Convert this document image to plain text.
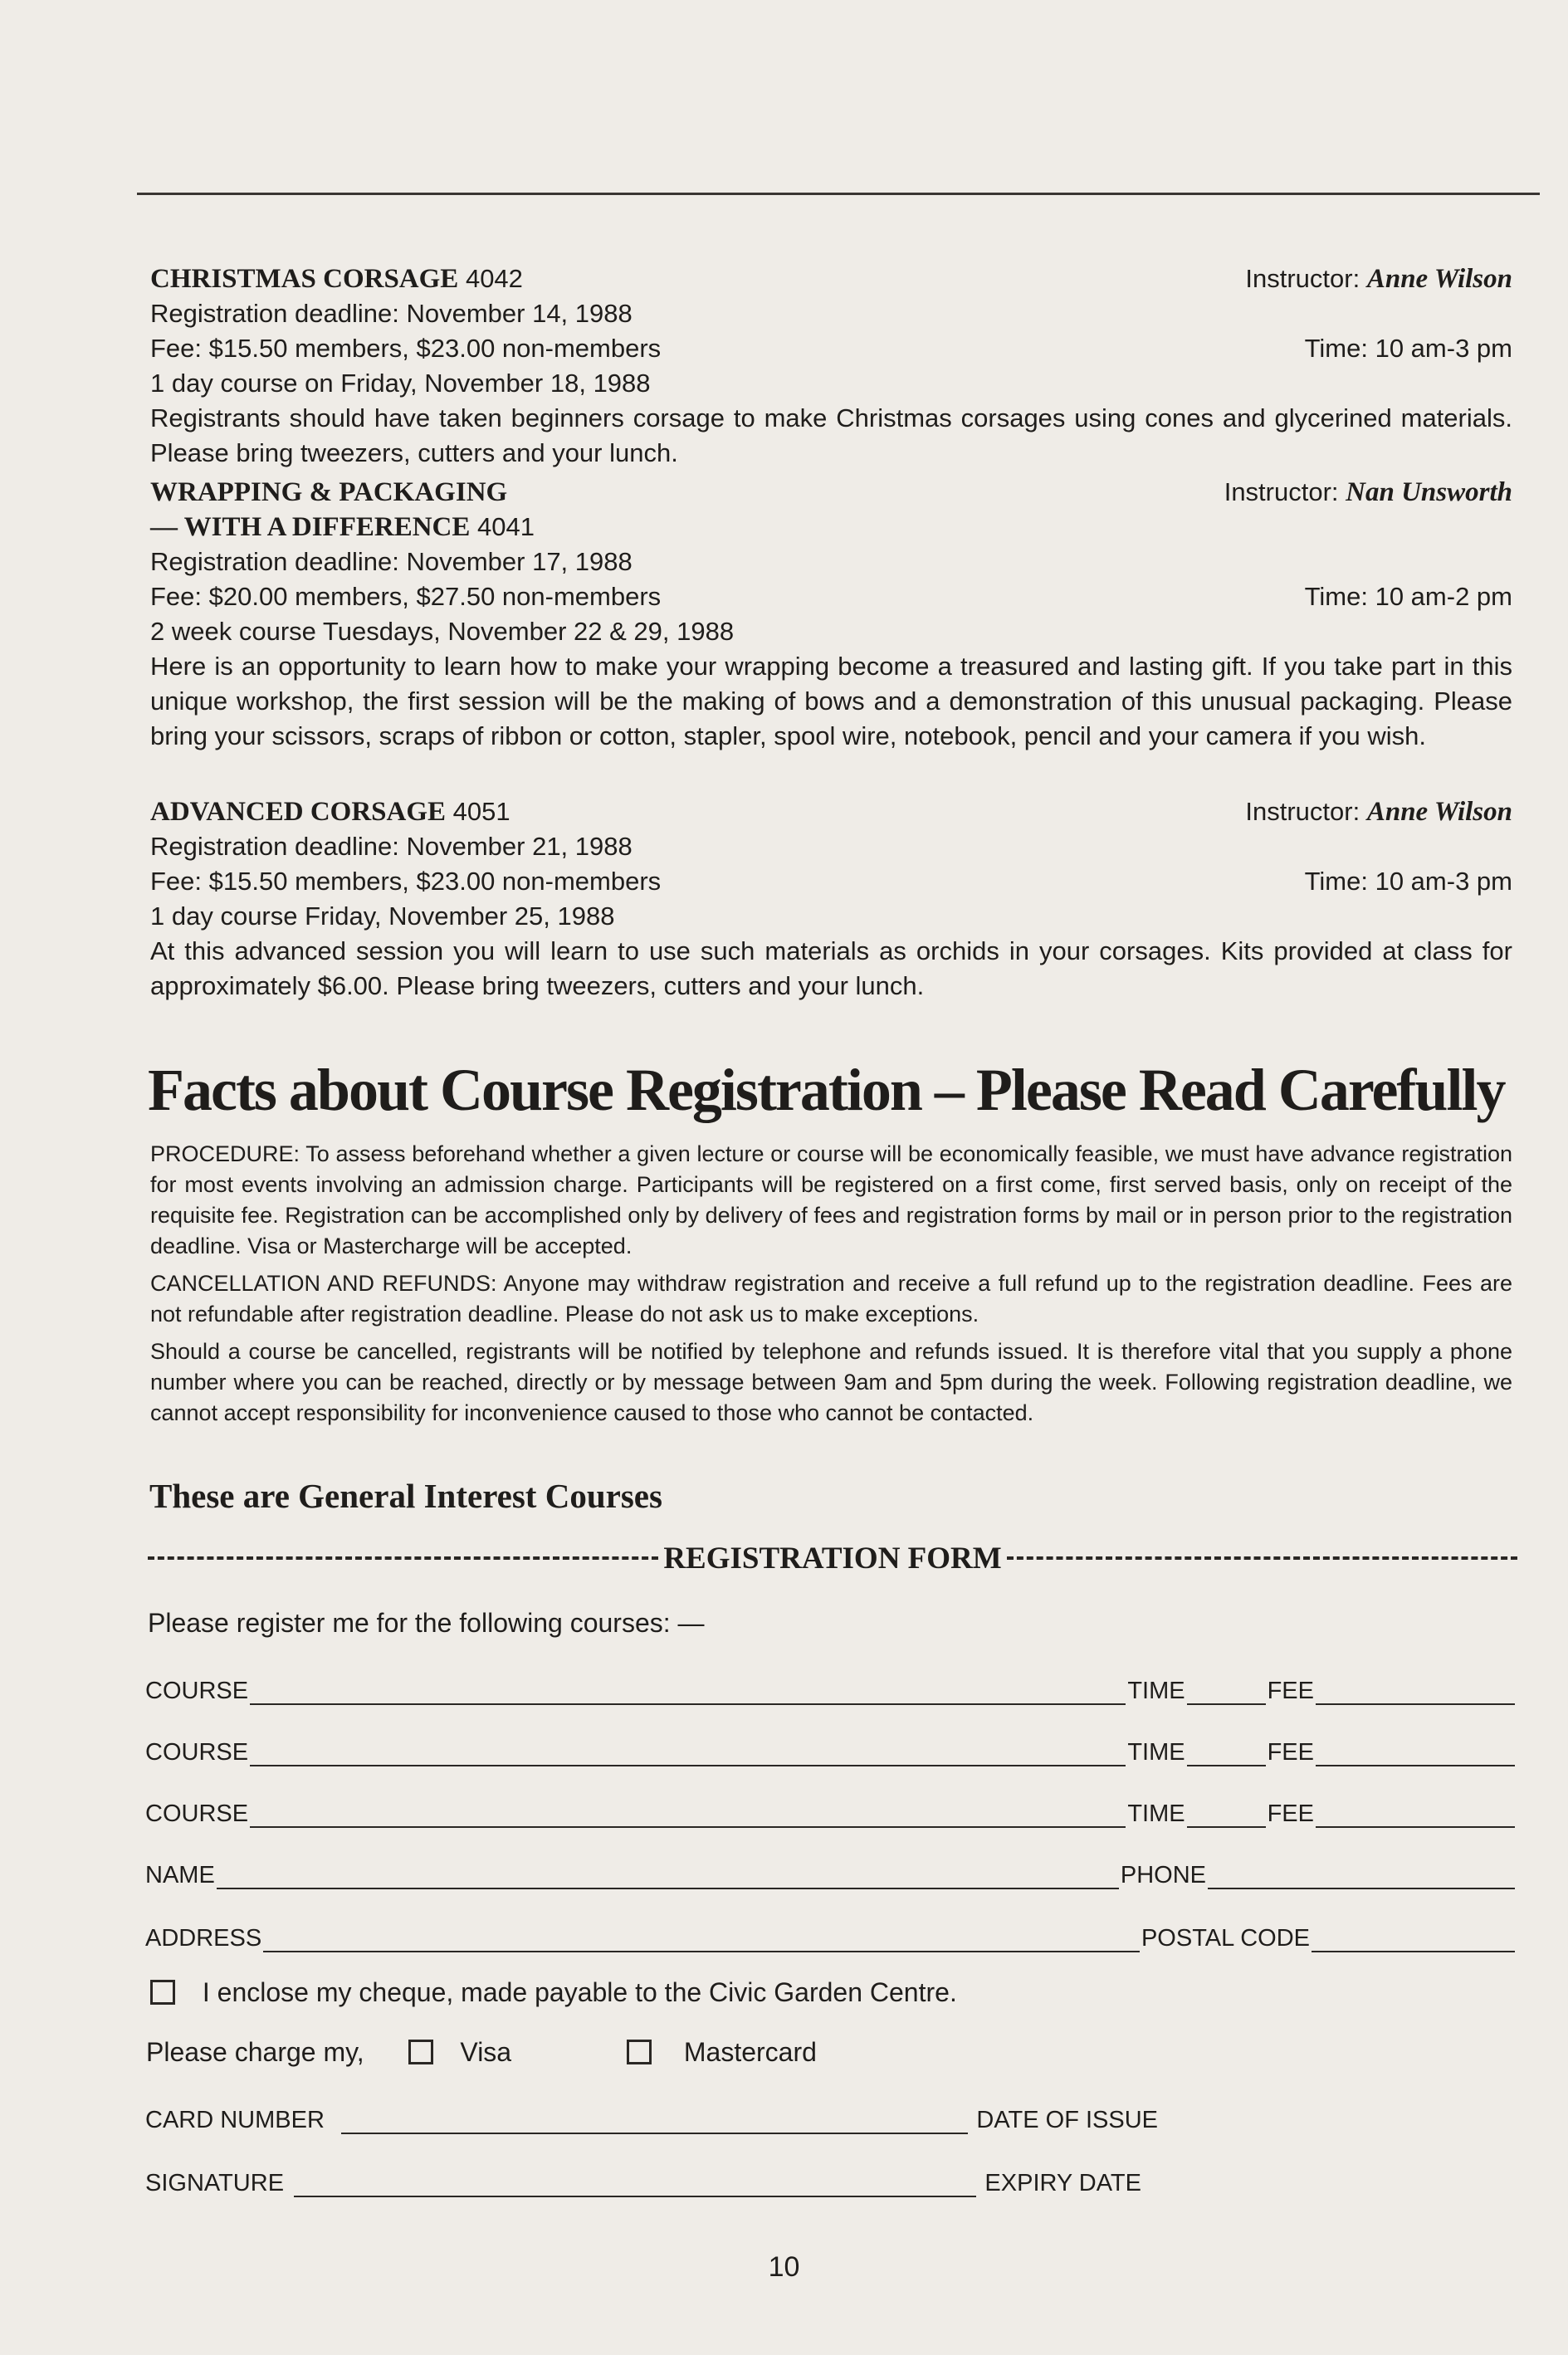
CHRISTMAS CORSAGE 4042	Instructor: Anne Wilson
Registration deadline: November 14, 1988
Fee: $15.50 members, $23.00 non-members	Time: 10 am-3 pm
1 day course on Friday, November 18, 1988
Registrants should have taken beginners corsage to make Christmas corsages using cones and glycerined materials. Please bring tweezers, cutters and your lunch.
WRAPPING & PACKAGING	Instructor: Nan Unsworth
— WITH A DIFFERENCE 4041
Registration deadline: November 17, 1988
Fee: $20.00 members, $27.50 non-members	Time: 10 am-2 pm
2 week course Tuesdays, November 22 & 29, 1988
Here is an opportunity to learn how to make your wrapping become a treasured and lasting gift. If you take part in this unique workshop, the first session will be the making of bows and a demonstration of this unusual packaging. Please bring your scissors, scraps of ribbon or cotton, stapler, spool wire, notebook, pencil and your camera if you wish.
ADVANCED CORSAGE 4051	Instructor: Anne Wilson
Registration deadline: November 21, 1988
Fee: $15.50 members, $23.00 non-members	Time: 10 am-3 pm
1 day course Friday, November 25, 1988
At this advanced session you will learn to use such materials as orchids in your corsages. Kits provided at class for approximately $6.00. Please bring tweezers, cutters and your lunch.
Facts about Course Registration – Please Read Carefully
PROCEDURE: To assess beforehand whether a given lecture or course will be economically feasible, we must have advance registration for most events involving an admission charge. Participants will be registered on a first come, first served basis, only on receipt of the requisite fee. Registration can be accomplished only by delivery of fees and registration forms by mail or in person prior to the registration deadline. Visa or Mastercharge will be accepted.
CANCELLATION AND REFUNDS: Anyone may withdraw registration and receive a full refund up to the registration deadline. Fees are not refundable after registration deadline. Please do not ask us to make exceptions.
Should a course be cancelled, registrants will be notified by telephone and refunds issued. It is therefore vital that you supply a phone number where you can be reached, directly or by message between 9am and 5pm during the week. Following registration deadline, we cannot accept responsibility for inconvenience caused to those who cannot be contacted.
These are General Interest Courses
REGISTRATION FORM
Please register me for the following courses: —
COURSE	TIME	FEE
COURSE	TIME	FEE
COURSE	TIME	FEE
NAME	PHONE
ADDRESS	POSTAL CODE
I enclose my cheque, made payable to the Civic Garden Centre.
Please charge my,	Visa	Mastercard
CARD NUMBER	DATE OF ISSUE
SIGNATURE	EXPIRY DATE
10
